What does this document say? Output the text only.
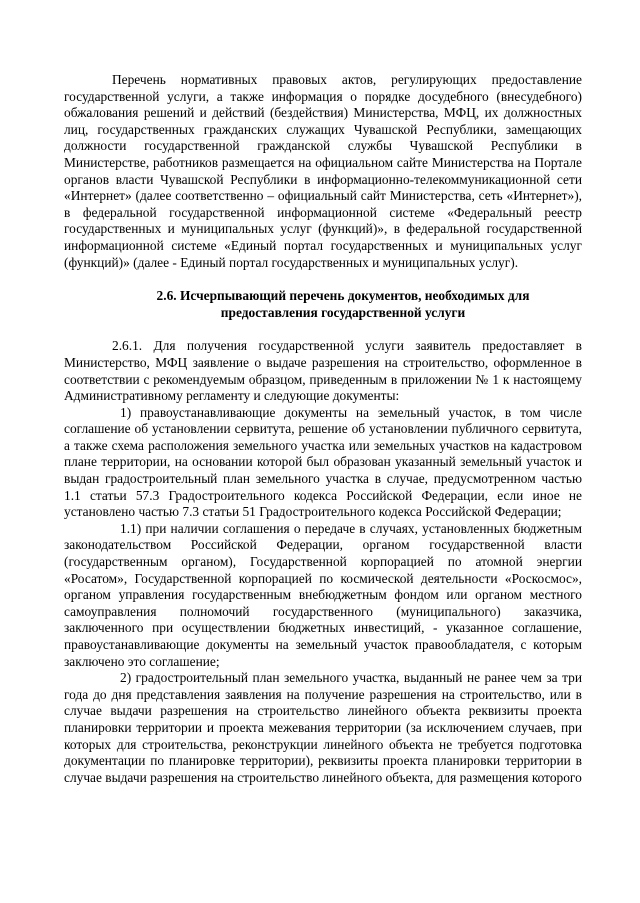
Перечень нормативных правовых актов, регулирующих предоставление государственной услуги, а также информация о порядке досудебного (внесудебного) обжалования решений и действий (бездействия) Министерства, МФЦ, их должностных лиц, государственных гражданских служащих Чувашской Республики, замещающих должности государственной гражданской службы Чувашской Республики в Министерстве, работников размещается на официальном сайте Министерства на Портале органов власти Чувашской Республики в информационно-телекоммуникационной сети «Интернет» (далее соответственно – официальный сайт Министерства, сеть «Интернет»), в федеральной государственной информационной системе «Федеральный реестр государственных и муниципальных услуг (функций)», в федеральной государственной информационной системе «Единый портал государственных и муниципальных услуг (функций)» (далее - Единый портал государственных и муниципальных услуг).

2.6. Исчерпывающий перечень документов, необходимых для
предоставления государственной услуги

2.6.1. Для получения государственной услуги заявитель предоставляет в Министерство, МФЦ заявление о выдаче разрешения на строительство, оформленное в соответствии с рекомендуемым образцом, приведенным в приложении № 1 к настоящему Административному регламенту и следующие документы:

1) правоустанавливающие документы на земельный участок, в том числе соглашение об установлении сервитута, решение об установлении публичного сервитута, а также схема расположения земельного участка или земельных участков на кадастровом плане территории, на основании которой был образован указанный земельный участок и выдан градостроительный план земельного участка в случае, предусмотренном частью 1.1 статьи 57.3 Градостроительного кодекса Российской Федерации, если иное не установлено частью 7.3 статьи 51 Градостроительного кодекса Российской Федерации;

1.1) при наличии соглашения о передаче в случаях, установленных бюджетным законодательством Российской Федерации, органом государственной власти (государственным органом), Государственной корпорацией по атомной энергии «Росатом», Государственной корпорацией по космической деятельности «Роскосмос», органом управления государственным внебюджетным фондом или органом местного самоуправления полномочий государственного (муниципального) заказчика, заключенного при осуществлении бюджетных инвестиций, - указанное соглашение, правоустанавливающие документы на земельный участок правообладателя, с которым заключено это соглашение;

2) градостроительный план земельного участка, выданный не ранее чем за три года до дня представления заявления на получение разрешения на строительство, или в случае выдачи разрешения на строительство линейного объекта реквизиты проекта планировки территории и проекта межевания территории (за исключением случаев, при которых для строительства, реконструкции линейного объекта не требуется подготовка документации по планировке территории), реквизиты проекта планировки территории в случае выдачи разрешения на строительство линейного объекта, для размещения которого
